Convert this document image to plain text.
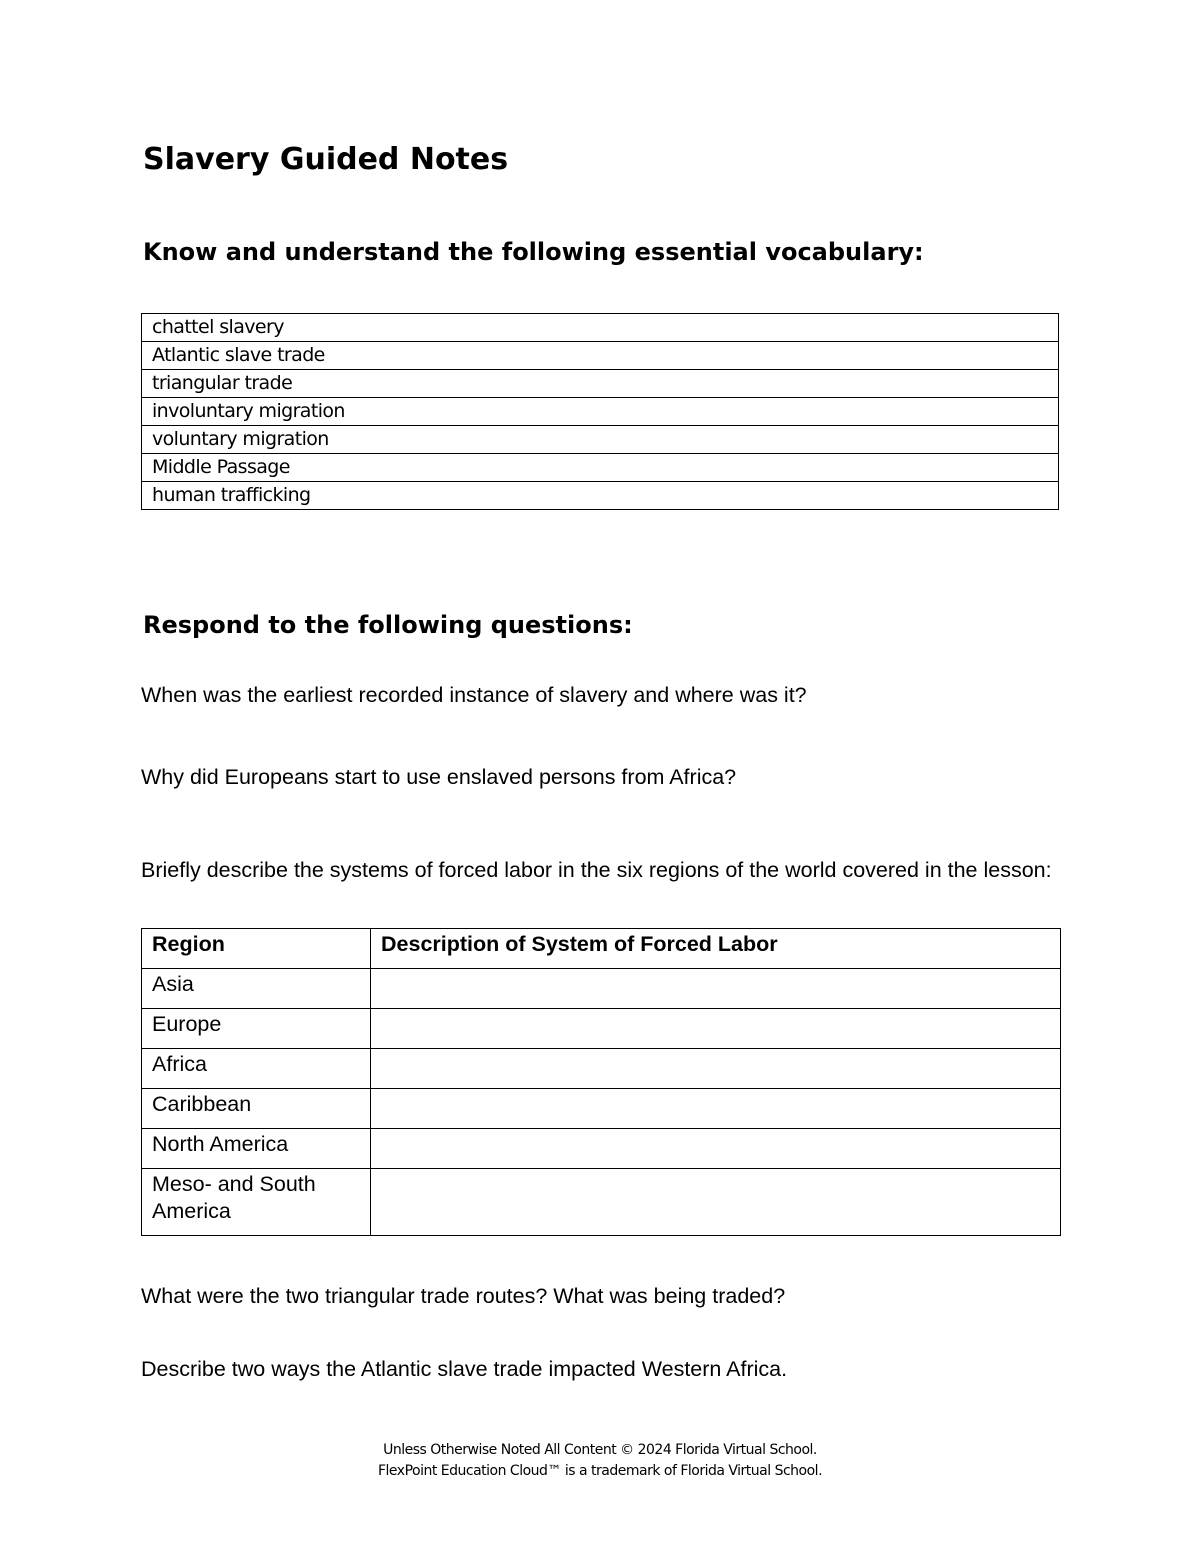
Slavery Guided Notes
Know and understand the following essential vocabulary:
chattel slavery
Atlantic slave trade
triangular trade
involuntary migration
voluntary migration
Middle Passage
human trafficking
Respond to the following questions:

When was the earliest recorded instance of slavery and where was it?

Why did Europeans start to use enslaved persons from Africa?

Briefly describe the systems of forced labor in the six regions of the world covered in the lesson:

Region	Description of System of Forced Labor
Asia	
Europe	
Africa	
Caribbean	
North America	
Meso- and South America	

What were the two triangular trade routes? What was being traded?

Describe two ways the Atlantic slave trade impacted Western Africa.

Unless Otherwise Noted All Content © 2024 Florida Virtual School.
FlexPoint Education Cloud™ is a trademark of Florida Virtual School.
